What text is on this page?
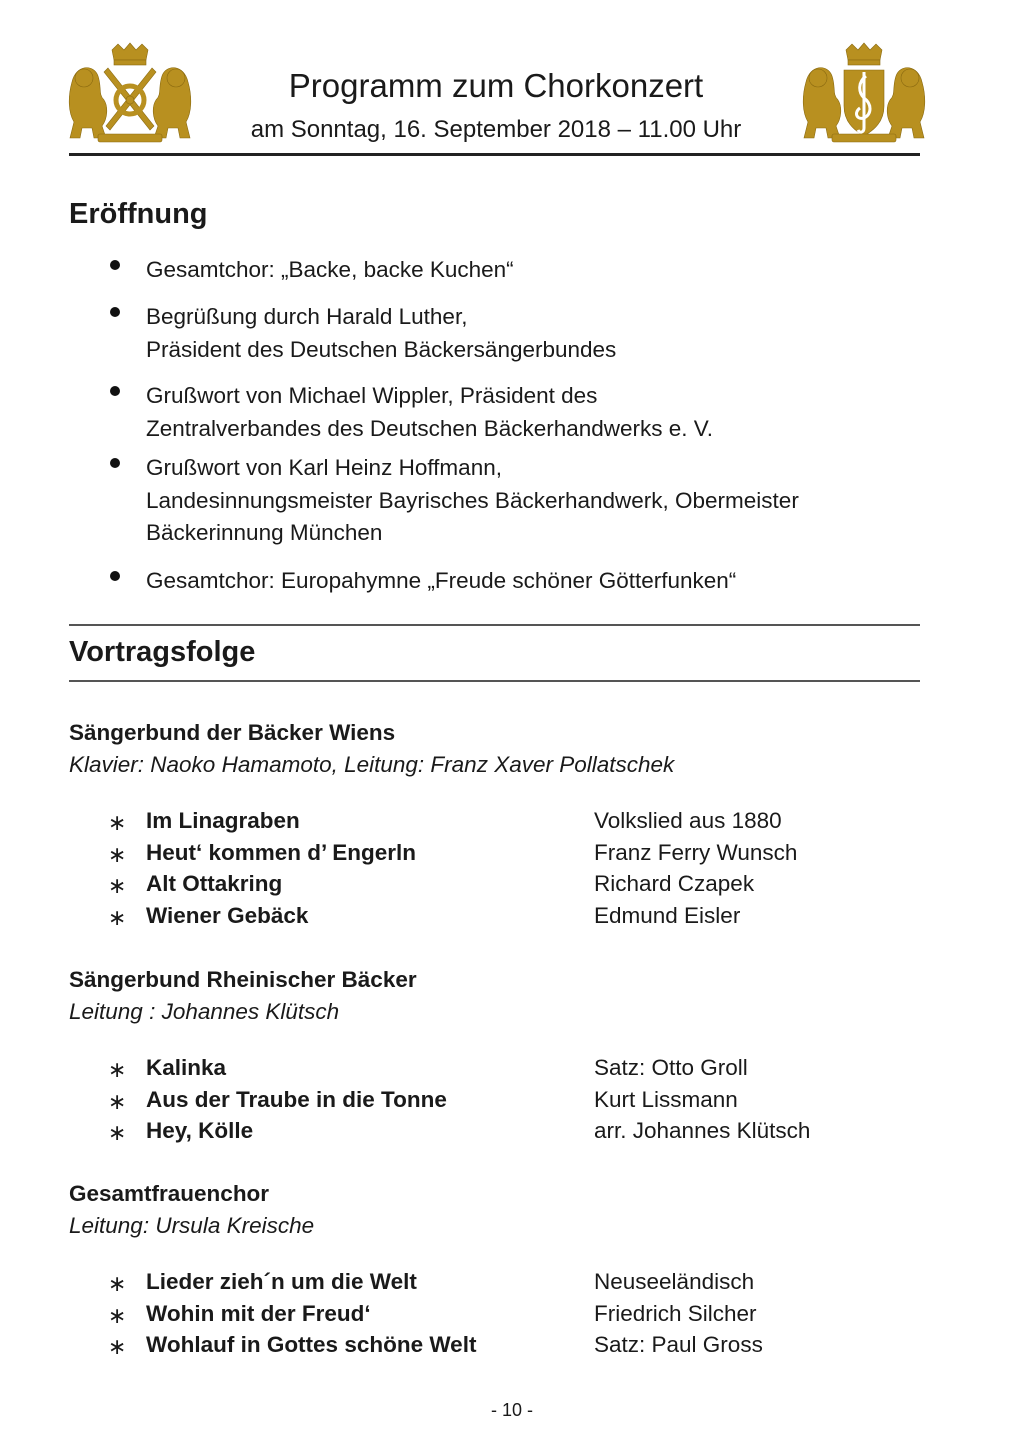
Programm zum Chorkonzert
am Sonntag, 16. September 2018 – 11.00 Uhr
Eröffnung
Gesamtchor: „Backe, backe Kuchen“
Begrüßung durch Harald Luther,
Präsident des Deutschen Bäckersängerbundes
Grußwort von Michael Wippler, Präsident des
Zentralverbandes des Deutschen Bäckerhandwerks e. V.
Grußwort von Karl Heinz Hoffmann,
Landesinnungsmeister Bayrisches Bäckerhandwerk, Obermeister
Bäckerinnung München
Gesamtchor: Europahymne „Freude schöner Götterfunken“
Vortragsfolge
Sängerbund der Bäcker Wiens
Klavier: Naoko Hamamoto, Leitung: Franz Xaver Pollatschek
∗ Im Linagraben	Volkslied aus 1880
∗ Heut‘ kommen d’ Engerln	Franz Ferry Wunsch
∗ Alt Ottakring	Richard Czapek
∗ Wiener Gebäck	Edmund Eisler
Sängerbund Rheinischer Bäcker
Leitung : Johannes Klütsch
∗ Kalinka	Satz: Otto Groll
∗ Aus der Traube in die Tonne	Kurt Lissmann
∗ Hey, Kölle	arr. Johannes Klütsch
Gesamtfrauenchor
Leitung: Ursula Kreische
∗ Lieder zieh´n um die Welt	Neuseeländisch
∗ Wohin mit der Freud‘	Friedrich Silcher
∗ Wohlauf in Gottes schöne Welt	Satz: Paul Gross
- 10 -
